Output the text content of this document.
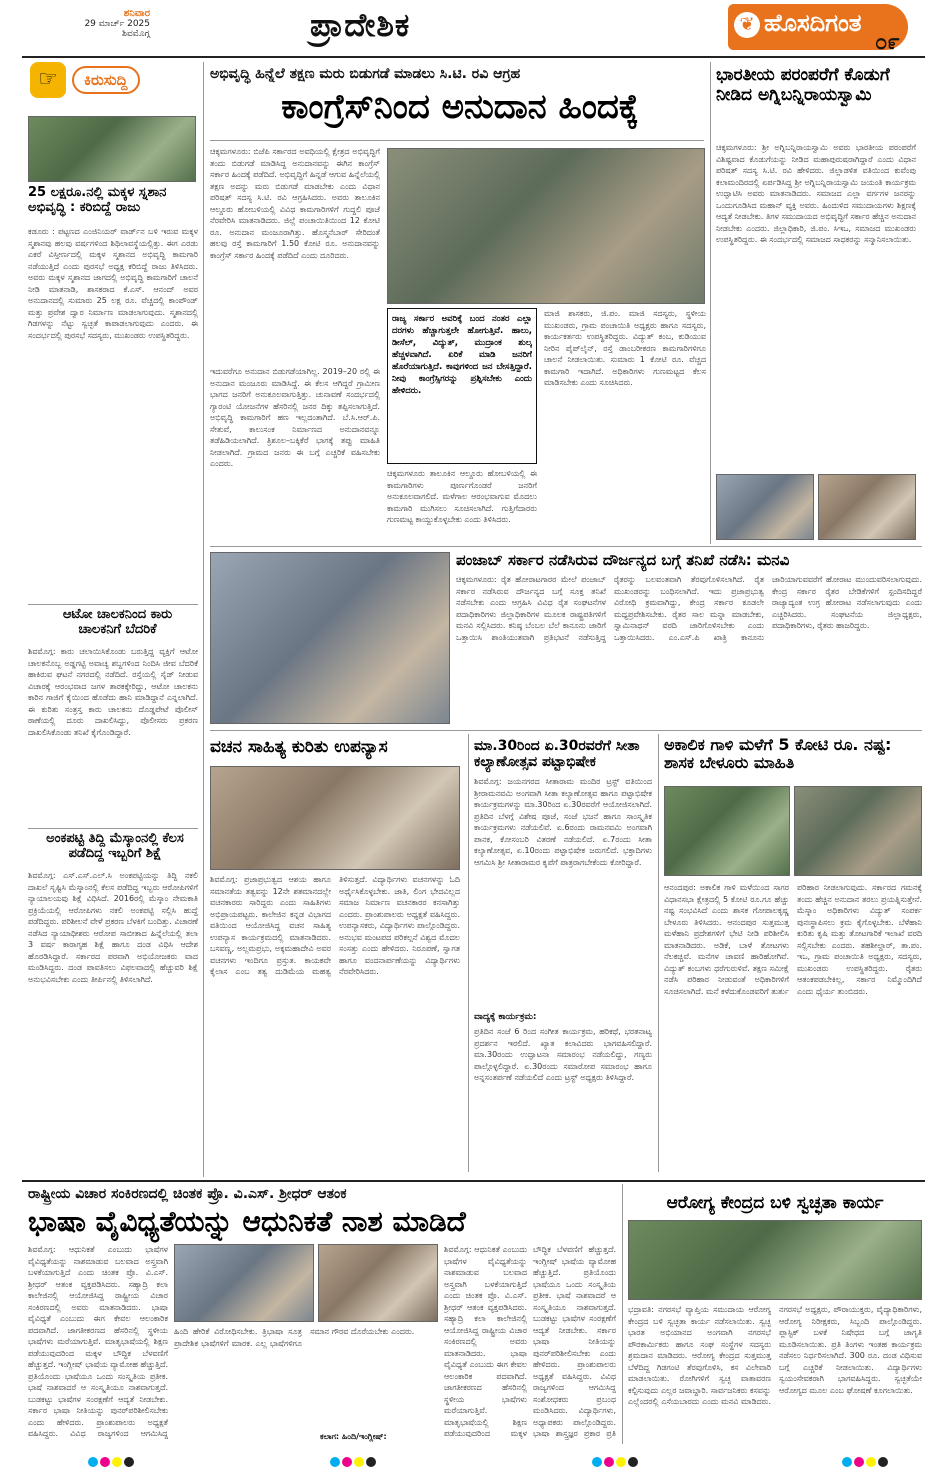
ಶನಿವಾರ
29 ಮಾರ್ಚ್ 2025
ಶಿವಮೊಗ್ಗ	ಪ್ರಾದೇಶಿಕ	❦ ಹೊಸದಿಗಂತ
೦೯
☞	ಕಿರುಸುದ್ದಿ
25 ಲಕ್ಷರೂ.ನಲ್ಲಿ ಮಕ್ಕಳ ಸ್ನಶಾನ ಅಭಿವೃದ್ಧಿ : ಕರಿಬಿದ್ದೆ ರಾಜು
ಕಡೂರು : ಪಟ್ಟಣದ ಎಂಜಿನಿಯರ್ ವಾರ್ಡ್‌ನ ಬಳಿ ಇರುವ ಮಕ್ಕಳ ಸ್ಮಶಾನವು ಹಲವು ವರ್ಷಗಳಿಂದ ಶಿಥಿಲಾವಸ್ಥೆಯಲ್ಲಿತ್ತು. ಈಗ ಎರಡು ಎಕರೆ ವಿಸ್ತೀರ್ಣದಲ್ಲಿ ಮಕ್ಕಳ ಸ್ಮಶಾನದ ಅಭಿವೃದ್ಧಿ ಕಾಮಗಾರಿ ನಡೆಯುತ್ತಿದೆ ಎಂದು ಪುರಸಭೆ ಅಧ್ಯಕ್ಷ ಕರಿಬಿದ್ದೆ ರಾಜು ತಿಳಿಸಿದರು. ಅವರು ಮಕ್ಕಳ ಸ್ಮಶಾನದ ಜಾಗದಲ್ಲಿ ಅಭಿವೃದ್ಧಿ ಕಾಮಗಾರಿಗೆ ಚಾಲನೆ ನೀಡಿ ಮಾತನಾಡಿ, ಶಾಸಕರಾದ ಕೆ.ಎಸ್. ಆನಂದ್ ಅವರ ಅನುದಾನದಲ್ಲಿ ಸುಮಾರು 25 ಲಕ್ಷ ರೂ. ವೆಚ್ಚದಲ್ಲಿ ಕಾಂಪೌಂಡ್ ಮತ್ತು ಪ್ರವೇಶ ದ್ವಾರ ನಿರ್ಮಾಣ ಮಾಡಲಾಗುವುದು. ಸ್ಮಶಾನದಲ್ಲಿ ಗಿಡಗಳನ್ನು ನೆಟ್ಟು ಸ್ವಚ್ಛತೆ ಕಾಪಾಡಲಾಗುವುದು ಎಂದರು. ಈ ಸಂದರ್ಭದಲ್ಲಿ ಪುರಸಭೆ ಸದಸ್ಯರು, ಮುಖಂಡರು ಉಪಸ್ಥಿತರಿದ್ದರು.
ಆಟೋ ಚಾಲಕನಿಂದ ಕಾರು ಚಾಲಕನಿಗೆ ಬೆದರಿಕೆ
ಶಿವಮೊಗ್ಗ: ಕಾರು ಚಲಾಯಿಸಿಕೊಂಡು ಬರುತ್ತಿದ್ದ ವ್ಯಕ್ತಿಗೆ ಆಟೋ ಚಾಲಕನೊಬ್ಬ ಅಡ್ಡಗಟ್ಟಿ ಅವಾಚ್ಯ ಶಬ್ದಗಳಿಂದ ನಿಂದಿಸಿ ಜೀವ ಬೆದರಿಕೆ ಹಾಕಿರುವ ಘಟನೆ ನಗರದಲ್ಲಿ ನಡೆದಿದೆ. ರಸ್ತೆಯಲ್ಲಿ ಸೈಡ್ ನೀಡುವ ವಿಚಾರಕ್ಕೆ ಆರಂಭವಾದ ಜಗಳ ತಾರಕಕ್ಕೇರಿದ್ದು, ಆಟೋ ಚಾಲಕನು ಕಾರಿನ ಗಾಜಿಗೆ ಕೈಯಿಂದ ಹೊಡೆದು ಹಾನಿ ಮಾಡಿದ್ದಾನೆ ಎನ್ನಲಾಗಿದೆ. ಈ ಕುರಿತು ಸಂತ್ರಸ್ತ ಕಾರು ಚಾಲಕನು ದೊಡ್ಡಪೇಟೆ ಪೊಲೀಸ್ ಠಾಣೆಯಲ್ಲಿ ದೂರು ದಾಖಲಿಸಿದ್ದು, ಪೊಲೀಸರು ಪ್ರಕರಣ ದಾಖಲಿಸಿಕೊಂಡು ತನಿಖೆ ಕೈಗೊಂಡಿದ್ದಾರೆ.
ಅಂಕಪಟ್ಟಿ ತಿದ್ದಿ ಮೆಸ್ಕಾಂನಲ್ಲಿ ಕೆಲಸ ಪಡೆದಿದ್ದ ಇಬ್ಬರಿಗೆ ಶಿಕ್ಷೆ
ಶಿವಮೊಗ್ಗ: ಎಸ್.ಎಸ್.ಎಲ್.ಸಿ ಅಂಕಪಟ್ಟಿಯನ್ನು ತಿದ್ದಿ ನಕಲಿ ದಾಖಲೆ ಸೃಷ್ಟಿಸಿ ಮೆಸ್ಕಾಂನಲ್ಲಿ ಕೆಲಸ ಪಡೆದಿದ್ದ ಇಬ್ಬರು ಆರೋಪಿಗಳಿಗೆ ನ್ಯಾಯಾಲಯವು ಶಿಕ್ಷೆ ವಿಧಿಸಿದೆ. 2016ರಲ್ಲಿ ಮೆಸ್ಕಾಂ ನೇಮಕಾತಿ ಪ್ರಕ್ರಿಯೆಯಲ್ಲಿ ಆರೋಪಿಗಳು ನಕಲಿ ಅಂಕಪಟ್ಟಿ ಸಲ್ಲಿಸಿ ಹುದ್ದೆ ಪಡೆದಿದ್ದರು. ಪರಿಶೀಲನೆ ವೇಳೆ ಪ್ರಕರಣ ಬೆಳಕಿಗೆ ಬಂದಿತ್ತು. ವಿಚಾರಣೆ ನಡೆಸಿದ ನ್ಯಾಯಾಧೀಶರು ಆರೋಪ ಸಾಬೀತಾದ ಹಿನ್ನೆಲೆಯಲ್ಲಿ ತಲಾ 3 ವರ್ಷ ಕಾರಾಗೃಹ ಶಿಕ್ಷೆ ಹಾಗೂ ದಂಡ ವಿಧಿಸಿ ಆದೇಶ ಹೊರಡಿಸಿದ್ದಾರೆ. ಸರ್ಕಾರದ ಪರವಾಗಿ ಅಭಿಯೋಜಕರು ವಾದ ಮಂಡಿಸಿದ್ದರು. ದಂಡ ಪಾವತಿಸಲು ವಿಫಲವಾದಲ್ಲಿ ಹೆಚ್ಚುವರಿ ಶಿಕ್ಷೆ ಅನುಭವಿಸಬೇಕು ಎಂದು ತೀರ್ಪಿನಲ್ಲಿ ತಿಳಿಸಲಾಗಿದೆ.
ಅಭಿವೃದ್ಧಿ ಹಿನ್ನೆಲೆ ತಕ್ಷಣ ಮರು ಬಿಡುಗಡೆ ಮಾಡಲು ಸಿ.ಟಿ. ರವಿ ಆಗ್ರಹ
ಕಾಂಗ್ರೆಸ್‌ನಿಂದ ಅನುದಾನ ಹಿಂದಕ್ಕೆ
ಚಿಕ್ಕಮಗಳೂರು: ಬಿಜೆಪಿ ಸರ್ಕಾರದ ಅವಧಿಯಲ್ಲಿ ಕ್ಷೇತ್ರದ ಅಭಿವೃದ್ಧಿಗೆ ತಂದು ಬಿಡುಗಡೆ ಮಾಡಿಸಿದ್ದ ಅನುದಾನವನ್ನು ಈಗಿನ ಕಾಂಗ್ರೆಸ್ ಸರ್ಕಾರ ಹಿಂದಕ್ಕೆ ಪಡೆದಿದೆ. ಅಭಿವೃದ್ಧಿಗೆ ಹಿನ್ನಡೆ ಆಗುವ ಹಿನ್ನೆಲೆಯಲ್ಲಿ ತಕ್ಷಣ ಅದನ್ನು ಮರು ಬಿಡುಗಡೆ ಮಾಡಬೇಕು ಎಂದು ವಿಧಾನ ಪರಿಷತ್ ಸದಸ್ಯ ಸಿ.ಟಿ. ರವಿ ಆಗ್ರಹಿಸಿದರು. ಅವರು ತಾಲೂಕಿನ ಆಲ್ದೂರು ಹೋಬಳಿಯಲ್ಲಿ ವಿವಿಧ ಕಾಮಗಾರಿಗಳಿಗೆ ಗುದ್ದಲಿ ಪೂಜೆ ನೆರವೇರಿಸಿ ಮಾತನಾಡಿದರು. ಜಿಲ್ಲೆ ಪಂಚಾಯಿತಿಯಿಂದ 12 ಕೋಟಿ ರೂ. ಅನುದಾನ ಮಂಜೂರಾಗಿತ್ತು. ಹೊಸ್ಮನೆಬಾರ್ ಸೇರಿದಂತೆ ಹಲವು ರಸ್ತೆ ಕಾಮಗಾರಿಗೆ 1.50 ಕೋಟಿ ರೂ. ಅನುದಾನವನ್ನು ಕಾಂಗ್ರೆಸ್ ಸರ್ಕಾರ ಹಿಂದಕ್ಕೆ ಪಡೆದಿದೆ ಎಂದು ದೂರಿದರು.
ಇದುವರೆಗೂ ಅನುದಾನ ಬಿಡುಗಡೆಯಾಗಿಲ್ಲ. 2019–20 ರಲ್ಲಿ ಈ ಅನುದಾನ ಮಂಜೂರು ಮಾಡಿಸಿದ್ದೆ. ಈ ಕೆಲಸ ಆಗಿದ್ದರೆ ಗ್ರಾಮೀಣ ಭಾಗದ ಜನರಿಗೆ ಅನುಕೂಲವಾಗುತ್ತಿತ್ತು. ಚುನಾವಣೆ ಸಂದರ್ಭದಲ್ಲಿ ಗ್ಯಾರಂಟಿ ಯೋಜನೆಗಳ ಹೆಸರಿನಲ್ಲಿ ಜನರ ದಿಕ್ಕು ತಪ್ಪಿಸಲಾಗುತ್ತಿದೆ. ಅಭಿವೃದ್ಧಿ ಕಾಮಗಾರಿಗೆ ಹಣ ಇಲ್ಲದಂತಾಗಿದೆ. ಬೆ.ಸಿ.ಆರ್.ಪಿ. ಸೇತುವೆ, ಕಾಲುಸಂಕ ನಿರ್ಮಾಣದ ಅನುದಾನವನ್ನೂ ತಡೆಹಿಡಿಯಲಾಗಿದೆ. ತ್ರಿಶೂಲ–ಬಕ್ಕಿಕೆರೆ ಭಾಗಕ್ಕೆ ತಪ್ಪು ಮಾಹಿತಿ ನೀಡಲಾಗಿದೆ. ಗ್ರಾಮದ ಜನರು ಈ ಬಗ್ಗೆ ಎಚ್ಚರಿಕೆ ವಹಿಸಬೇಕು ಎಂದರು.
ರಾಜ್ಯ ಸರ್ಕಾರ ಅವರಿಕ್ಕೆ ಬಂದ ನಂತರ ಎಲ್ಲಾ ದರಗಳು ಹೆಚ್ಚಾಗುತ್ತಲೇ ಹೋಗುತ್ತಿವೆ. ಹಾಲು, ಡೀಸೆಲ್, ವಿದ್ಯುತ್, ಮುದ್ರಾಂಕ ಶುಲ್ಕ ಹೆಚ್ಚಳವಾಗಿದೆ. ಏರಿಕೆ ಮಾಡಿ ಜನರಿಗೆ ಹೊರೆಯಾಗುತ್ತಿದೆ. ಕಾವುಗಳಿಂದ ಜನ ಬೇಸತ್ತಿದ್ದಾರೆ. ನೀವು ಕಾಂಗ್ರೆಸ್ಸಿಗರನ್ನು ಪ್ರಶ್ನಿಸಬೇಕು ಎಂದು ಹೇಳಿದರು.
ಚಿಕ್ಕಮಗಳೂರು ತಾಲೂಕಿನ ಆಲ್ದೂರು ಹೋಬಳಿಯಲ್ಲಿ ಈ ಕಾಮಗಾರಿಗಳು ಪೂರ್ಣಗೊಂಡರೆ ಜನರಿಗೆ ಅನುಕೂಲವಾಗಲಿದೆ. ಮಳೆಗಾಲ ಆರಂಭವಾಗುವ ಮೊದಲು ಕಾಮಗಾರಿ ಮುಗಿಸಲು ಸೂಚಿಸಲಾಗಿದೆ. ಗುತ್ತಿಗೆದಾರರು ಗುಣಮಟ್ಟ ಕಾಯ್ದುಕೊಳ್ಳಬೇಕು ಎಂದು ತಿಳಿಸಿದರು.
ಮಾಜಿ ಶಾಸಕರು, ಜಿ.ಪಂ. ಮಾಜಿ ಸದಸ್ಯರು, ಸ್ಥಳೀಯ ಮುಖಂಡರು, ಗ್ರಾಮ ಪಂಚಾಯಿತಿ ಅಧ್ಯಕ್ಷರು ಹಾಗೂ ಸದಸ್ಯರು, ಕಾರ್ಯಕರ್ತರು ಉಪಸ್ಥಿತರಿದ್ದರು. ವಿದ್ಯುತ್ ಕಂಬ, ಕುಡಿಯುವ ನೀರಿನ ಪೈಪ್‌ಲೈನ್, ರಸ್ತೆ ಡಾಂಬರೀಕರಣ ಕಾಮಗಾರಿಗಳಿಗೂ ಚಾಲನೆ ನೀಡಲಾಯಿತು. ಸುಮಾರು 1 ಕೋಟಿ ರೂ. ವೆಚ್ಚದ ಕಾಮಗಾರಿ ಇದಾಗಿದೆ. ಅಧಿಕಾರಿಗಳು ಗುಣಮಟ್ಟದ ಕೆಲಸ ಮಾಡಿಸಬೇಕು ಎಂದು ಸೂಚಿಸಿದರು.
ಭಾರತೀಯ ಪರಂಪರೆಗೆ ಕೊಡುಗೆ ನೀಡಿದ ಅಗ್ನಿಬನ್ನಿರಾಯಸ್ವಾಮಿ
ಚಿಕ್ಕಮಗಳೂರು: ಶ್ರೀ ಅಗ್ನಿಬನ್ನಿರಾಯಸ್ವಾಮಿ ಅವರು ಭಾರತೀಯ ಪರಂಪರೆಗೆ ವಿಶಿಷ್ಟವಾದ ಕೊಡುಗೆಯನ್ನು ನೀಡಿದ ಮಹಾಪುರುಷರಾಗಿದ್ದಾರೆ ಎಂದು ವಿಧಾನ ಪರಿಷತ್ ಸದಸ್ಯ ಸಿ.ಟಿ. ರವಿ ಹೇಳಿದರು. ಜಿಲ್ಲಾಡಳಿತ ವತಿಯಿಂದ ಕುವೆಂಪು ಕಲಾಮಂದಿರದಲ್ಲಿ ಏರ್ಪಡಿಸಿದ್ದ ಶ್ರೀ ಅಗ್ನಿಬನ್ನಿರಾಯಸ್ವಾಮಿ ಜಯಂತಿ ಕಾರ್ಯಕ್ರಮ ಉದ್ಘಾಟಿಸಿ ಅವರು ಮಾತನಾಡಿದರು. ಸಮಾಜದ ಎಲ್ಲಾ ವರ್ಗಗಳ ಜನರನ್ನು ಒಂದುಗೂಡಿಸಿದ ಮಹಾನ್ ವ್ಯಕ್ತಿ ಅವರು. ಹಿಂದುಳಿದ ಸಮುದಾಯಗಳು ಶಿಕ್ಷಣಕ್ಕೆ ಆದ್ಯತೆ ನೀಡಬೇಕು. ತಿಗಳ ಸಮುದಾಯದ ಅಭಿವೃದ್ಧಿಗೆ ಸರ್ಕಾರ ಹೆಚ್ಚಿನ ಅನುದಾನ ನೀಡಬೇಕು ಎಂದರು. ಜಿಲ್ಲಾಧಿಕಾರಿ, ಜಿ.ಪಂ. ಸಿಇಒ, ಸಮಾಜದ ಮುಖಂಡರು ಉಪಸ್ಥಿತರಿದ್ದರು. ಈ ಸಂದರ್ಭದಲ್ಲಿ ಸಮಾಜದ ಸಾಧಕರನ್ನು ಸನ್ಮಾನಿಸಲಾಯಿತು.
ಪಂಜಾಬ್ ಸರ್ಕಾರ ನಡೆಸಿರುವ ದೌರ್ಜನ್ಯದ ಬಗ್ಗೆ ತನಿಖೆ ನಡೆಸಿ: ಮನವಿ
ಚಿಕ್ಕಮಗಳೂರು: ರೈತ ಹೋರಾಟಗಾರರ ಮೇಲೆ ಪಂಜಾಬ್ ಸರ್ಕಾರ ನಡೆಸಿರುವ ದೌರ್ಜನ್ಯದ ಬಗ್ಗೆ ಸೂಕ್ತ ತನಿಖೆ ನಡೆಸಬೇಕು ಎಂದು ಆಗ್ರಹಿಸಿ ವಿವಿಧ ರೈತ ಸಂಘಟನೆಗಳ ಪದಾಧಿಕಾರಿಗಳು ಜಿಲ್ಲಾಧಿಕಾರಿಗಳ ಮೂಲಕ ರಾಷ್ಟ್ರಪತಿಗಳಿಗೆ ಮನವಿ ಸಲ್ಲಿಸಿದರು. ಕನಿಷ್ಠ ಬೆಂಬಲ ಬೆಲೆ ಕಾನೂನು ಜಾರಿಗೆ ಒತ್ತಾಯಿಸಿ ಶಾಂತಿಯುತವಾಗಿ ಪ್ರತಿಭಟನೆ ನಡೆಸುತ್ತಿದ್ದ ರೈತರನ್ನು ಬಲವಂತವಾಗಿ ತೆರವುಗೊಳಿಸಲಾಗಿದೆ. ರೈತ ಮುಖಂಡರನ್ನು ಬಂಧಿಸಲಾಗಿದೆ. ಇದು ಪ್ರಜಾಪ್ರಭುತ್ವ ವಿರೋಧಿ ಕ್ರಮವಾಗಿದ್ದು, ಕೇಂದ್ರ ಸರ್ಕಾರ ಕೂಡಲೇ ಮಧ್ಯಪ್ರವೇಶಿಸಬೇಕು. ರೈತರ ಸಾಲ ಮನ್ನಾ ಮಾಡಬೇಕು, ಸ್ವಾಮಿನಾಥನ್ ವರದಿ ಜಾರಿಗೊಳಿಸಬೇಕು ಎಂದು ಒತ್ತಾಯಿಸಿದರು. ಎಂ.ಎಸ್.ಪಿ ಖಾತ್ರಿ ಕಾನೂನು ಜಾರಿಯಾಗುವವರೆಗೆ ಹೋರಾಟ ಮುಂದುವರಿಸಲಾಗುವುದು. ಕೇಂದ್ರ ಸರ್ಕಾರ ರೈತರ ಬೇಡಿಕೆಗಳಿಗೆ ಸ್ಪಂದಿಸದಿದ್ದರೆ ರಾಜ್ಯಾದ್ಯಂತ ಉಗ್ರ ಹೋರಾಟ ನಡೆಸಲಾಗುವುದು ಎಂದು ಎಚ್ಚರಿಸಿದರು. ಸಂಘಟನೆಯ ಜಿಲ್ಲಾಧ್ಯಕ್ಷರು, ಪದಾಧಿಕಾರಿಗಳು, ರೈತರು ಹಾಜರಿದ್ದರು.
ವಚನ ಸಾಹಿತ್ಯ ಕುರಿತು ಉಪನ್ಯಾಸ
ಶಿವಮೊಗ್ಗ: ಪ್ರಜಾಪ್ರಭುತ್ವದ ಆಶಯ ಹಾಗೂ ಸಮಾನತೆಯ ತತ್ವವನ್ನು 12ನೇ ಶತಮಾನದಲ್ಲೇ ವಚನಕಾರರು ಸಾರಿದ್ದರು ಎಂದು ಸಾಹಿತಿಗಳು ಅಭಿಪ್ರಾಯಪಟ್ಟರು. ಕಾಲೇಜಿನ ಕನ್ನಡ ವಿಭಾಗದ ವತಿಯಿಂದ ಆಯೋಜಿಸಿದ್ದ ವಚನ ಸಾಹಿತ್ಯ ಉಪನ್ಯಾಸ ಕಾರ್ಯಕ್ರಮದಲ್ಲಿ ಮಾತನಾಡಿದರು. ಬಸವಣ್ಣ, ಅಲ್ಲಮಪ್ರಭು, ಅಕ್ಕಮಹಾದೇವಿ ಅವರ ವಚನಗಳು ಇಂದಿಗೂ ಪ್ರಸ್ತುತ. ಕಾಯಕವೇ ಕೈಲಾಸ ಎಂಬ ತತ್ವ ದುಡಿಮೆಯ ಮಹತ್ವ ತಿಳಿಸುತ್ತದೆ. ವಿದ್ಯಾರ್ಥಿಗಳು ವಚನಗಳನ್ನು ಓದಿ ಅರ್ಥೈಸಿಕೊಳ್ಳಬೇಕು. ಜಾತಿ, ಲಿಂಗ ಭೇದವಿಲ್ಲದ ಸಮಾಜ ನಿರ್ಮಾಣ ವಚನಕಾರರ ಕನಸಾಗಿತ್ತು ಎಂದರು. ಪ್ರಾಂಶುಪಾಲರು ಅಧ್ಯಕ್ಷತೆ ವಹಿಸಿದ್ದರು. ಉಪನ್ಯಾಸಕರು, ವಿದ್ಯಾರ್ಥಿಗಳು ಪಾಲ್ಗೊಂಡಿದ್ದರು. ಅನುಭವ ಮಂಟಪದ ಪರಿಕಲ್ಪನೆ ವಿಶ್ವದ ಮೊದಲ ಸಂಸತ್ತು ಎಂದು ಹೇಳಿದರು. ನಿರೂಪಣೆ, ಸ್ವಾಗತ ಹಾಗೂ ವಂದನಾರ್ಪಣೆಯನ್ನು ವಿದ್ಯಾರ್ಥಿಗಳು ನೆರವೇರಿಸಿದರು.
ಮಾ.30ರಿಂದ ಏ.30ರವರೆಗೆ ಸೀತಾ ಕಲ್ಯಾಣೋತ್ಸವ ಪಟ್ಟಾಭಿಷೇಕ
ಶಿವಮೊಗ್ಗ: ಜಯನಗರದ ಸೀತಾರಾಮ ಮಂದಿರ ಟ್ರಸ್ಟ್ ವತಿಯಿಂದ ಶ್ರೀರಾಮನವಮಿ ಅಂಗವಾಗಿ ಸೀತಾ ಕಲ್ಯಾಣೋತ್ಸವ ಹಾಗೂ ಪಟ್ಟಾಭಿಷೇಕ ಕಾರ್ಯಕ್ರಮಗಳನ್ನು ಮಾ.30ರಿಂದ ಏ.30ರವರೆಗೆ ಆಯೋಜಿಸಲಾಗಿದೆ. ಪ್ರತಿದಿನ ಬೆಳಗ್ಗೆ ವಿಶೇಷ ಪೂಜೆ, ಸಂಜೆ ಭಜನೆ ಹಾಗೂ ಸಾಂಸ್ಕೃತಿಕ ಕಾರ್ಯಕ್ರಮಗಳು ನಡೆಯಲಿವೆ. ಏ.6ರಂದು ರಾಮನವಮಿ ಅಂಗವಾಗಿ ಪಾನಕ, ಕೋಸಂಬರಿ ವಿತರಣೆ ನಡೆಯಲಿದೆ. ಏ.7ರಂದು ಸೀತಾ ಕಲ್ಯಾಣೋತ್ಸವ, ಏ.10ರಂದು ಪಟ್ಟಾಭಿಷೇಕ ಜರುಗಲಿದೆ. ಭಕ್ತಾದಿಗಳು ಆಗಮಿಸಿ ಶ್ರೀ ಸೀತಾರಾಮರ ಕೃಪೆಗೆ ಪಾತ್ರರಾಗಬೇಕೆಂದು ಕೋರಿದ್ದಾರೆ.
ವಾದ್ಯಕ್ಕೆ ಕಾರ್ಯಕ್ರಮ:
ಪ್ರತಿದಿನ ಸಂಜೆ 6 ರಿಂದ ಸಂಗೀತ ಕಾರ್ಯಕ್ರಮ, ಹರಿಕಥೆ, ಭರತನಾಟ್ಯ ಪ್ರದರ್ಶನ ಇರಲಿದೆ. ಖ್ಯಾತ ಕಲಾವಿದರು ಭಾಗವಹಿಸಲಿದ್ದಾರೆ. ಮಾ.30ರಂದು ಉದ್ಘಾಟನಾ ಸಮಾರಂಭ ನಡೆಯಲಿದ್ದು, ಗಣ್ಯರು ಪಾಲ್ಗೊಳ್ಳಲಿದ್ದಾರೆ. ಏ.30ರಂದು ಸಮಾರೋಪ ಸಮಾರಂಭ ಹಾಗೂ ಅನ್ನಸಂತರ್ಪಣೆ ನಡೆಯಲಿದೆ ಎಂದು ಟ್ರಸ್ಟ್ ಅಧ್ಯಕ್ಷರು ತಿಳಿಸಿದ್ದಾರೆ.
ಅಕಾಲಿಕ ಗಾಳಿ ಮಳೆಗೆ 5 ಕೋಟಿ ರೂ. ನಷ್ಟ: ಶಾಸಕ ಬೇಳೂರು ಮಾಹಿತಿ
ಆನಂದಪುರ: ಅಕಾಲಿಕ ಗಾಳಿ ಮಳೆಯಿಂದ ಸಾಗರ ವಿಧಾನಸಭಾ ಕ್ಷೇತ್ರದಲ್ಲಿ 5 ಕೋಟಿ ರೂ.ಗೂ ಹೆಚ್ಚು ನಷ್ಟ ಸಂಭವಿಸಿದೆ ಎಂದು ಶಾಸಕ ಗೋಪಾಲಕೃಷ್ಣ ಬೇಳೂರು ತಿಳಿಸಿದರು. ಆನಂದಪುರ ಸುತ್ತಮುತ್ತ ಮಳೆಹಾನಿ ಪ್ರದೇಶಗಳಿಗೆ ಭೇಟಿ ನೀಡಿ ಪರಿಶೀಲಿಸಿ ಮಾತನಾಡಿದರು. ಅಡಿಕೆ, ಬಾಳೆ ತೋಟಗಳು ನೆಲಕಚ್ಚಿವೆ. ಮನೆಗಳ ಚಾವಣಿ ಹಾರಿಹೋಗಿವೆ. ವಿದ್ಯುತ್ ಕಂಬಗಳು ಧರೆಗುರುಳಿವೆ. ತಕ್ಷಣ ಸಮೀಕ್ಷೆ ನಡೆಸಿ ಪರಿಹಾರ ನೀಡುವಂತೆ ಅಧಿಕಾರಿಗಳಿಗೆ ಸೂಚಿಸಲಾಗಿದೆ. ಮನೆ ಕಳೆದುಕೊಂಡವರಿಗೆ ತುರ್ತು ಪರಿಹಾರ ನೀಡಲಾಗುವುದು. ಸರ್ಕಾರದ ಗಮನಕ್ಕೆ ತಂದು ಹೆಚ್ಚಿನ ಅನುದಾನ ತರಲು ಪ್ರಯತ್ನಿಸುತ್ತೇನೆ. ಮೆಸ್ಕಾಂ ಅಧಿಕಾರಿಗಳು ವಿದ್ಯುತ್ ಸಂಪರ್ಕ ಪುನಃಸ್ಥಾಪಿಸಲು ಕ್ರಮ ಕೈಗೊಳ್ಳಬೇಕು. ಬೆಳೆಹಾನಿ ಕುರಿತು ಕೃಷಿ ಮತ್ತು ತೋಟಗಾರಿಕೆ ಇಲಾಖೆ ವರದಿ ಸಲ್ಲಿಸಬೇಕು ಎಂದರು. ತಹಶೀಲ್ದಾರ್, ತಾ.ಪಂ. ಇಒ, ಗ್ರಾಮ ಪಂಚಾಯಿತಿ ಅಧ್ಯಕ್ಷರು, ಸದಸ್ಯರು, ಮುಖಂಡರು ಉಪಸ್ಥಿತರಿದ್ದರು. ರೈತರು ಆತಂಕಪಡಬೇಕಿಲ್ಲ, ಸರ್ಕಾರ ನಿಮ್ಮೊಂದಿಗಿದೆ ಎಂದು ಧೈರ್ಯ ತುಂಬಿದರು.
ರಾಷ್ಟ್ರೀಯ ವಿಚಾರ ಸಂಕಿರಣದಲ್ಲಿ ಚಿಂತಕ ಪ್ರೊ. ವಿ.ಎಸ್. ಶ್ರೀಧರ್ ಆತಂಕ
ಭಾಷಾ ವೈವಿಧ್ಯತೆಯನ್ನು ಆಧುನಿಕತೆ ನಾಶ ಮಾಡಿದೆ
ಶಿವಮೊಗ್ಗ: ಆಧುನಿಕತೆ ಎಂಬುದು ಭಾಷೆಗಳ ವೈವಿಧ್ಯತೆಯನ್ನು ನಾಶಮಾಡುವ ಬಲವಾದ ಅಸ್ತ್ರವಾಗಿ ಬಳಕೆಯಾಗುತ್ತಿದೆ ಎಂದು ಚಿಂತಕ ಪ್ರೊ. ವಿ.ಎಸ್. ಶ್ರೀಧರ್ ಆತಂಕ ವ್ಯಕ್ತಪಡಿಸಿದರು. ಸಹ್ಯಾದ್ರಿ ಕಲಾ ಕಾಲೇಜಿನಲ್ಲಿ ಆಯೋಜಿಸಿದ್ದ ರಾಷ್ಟ್ರೀಯ ವಿಚಾರ ಸಂಕಿರಣದಲ್ಲಿ ಅವರು ಮಾತನಾಡಿದರು. ಭಾಷಾ ವೈವಿಧ್ಯತೆ ಎಂಬುದು ಈಗ ಕೇವಲ ಆಲಂಕಾರಿಕ ಪದವಾಗಿದೆ. ಜಾಗತೀಕರಣದ ಹೆಸರಿನಲ್ಲಿ ಸ್ಥಳೀಯ ಭಾಷೆಗಳು ಮರೆಯಾಗುತ್ತಿವೆ. ಮಾತೃಭಾಷೆಯಲ್ಲಿ ಶಿಕ್ಷಣ ಪಡೆಯುವುದರಿಂದ ಮಕ್ಕಳ ಬೌದ್ಧಿಕ ಬೆಳವಣಿಗೆ ಹೆಚ್ಚುತ್ತದೆ. ಇಂಗ್ಲೀಷ್ ಭಾಷೆಯ ವ್ಯಾಮೋಹ ಹೆಚ್ಚುತ್ತಿದೆ. ಪ್ರತಿಯೊಂದು ಭಾಷೆಯೂ ಒಂದು ಸಂಸ್ಕೃತಿಯ ಪ್ರತೀಕ. ಭಾಷೆ ನಾಶವಾದರೆ ಆ ಸಂಸ್ಕೃತಿಯೂ ನಾಶವಾಗುತ್ತದೆ. ಬುಡಕಟ್ಟು ಭಾಷೆಗಳ ಸಂರಕ್ಷಣೆಗೆ ಆದ್ಯತೆ ನೀಡಬೇಕು. ಸರ್ಕಾರ ಭಾಷಾ ನೀತಿಯನ್ನು ಪುನರ್‌ಪರಿಶೀಲಿಸಬೇಕು ಎಂದು ಹೇಳಿದರು. ಪ್ರಾಂಶುಪಾಲರು ಅಧ್ಯಕ್ಷತೆ ವಹಿಸಿದ್ದರು. ವಿವಿಧ ರಾಜ್ಯಗಳಿಂದ ಆಗಮಿಸಿದ್ದ
ಹಿಂದಿ ಹೇರಿಕೆ ವಿರೋಧಿಸಬೇಕು. ತ್ರಿಭಾಷಾ ಸೂತ್ರ ಪ್ರಾದೇಶಿಕ ಭಾಷೆಗಳಿಗೆ ಮಾರಕ. ಎಲ್ಲ ಭಾಷೆಗಳಿಗೂ ಸಮಾನ ಗೌರವ ದೊರೆಯಬೇಕು ಎಂದರು.
ಕಲಾಗ: ಹಿಂದಿ/ಇಂಗ್ಲೀಷ್:
ಶಿವಮೊಗ್ಗ: ಆಧುನಿಕತೆ ಎಂಬುದು ಭಾಷೆಗಳ ವೈವಿಧ್ಯತೆಯನ್ನು ನಾಶಮಾಡುವ ಬಲವಾದ ಅಸ್ತ್ರವಾಗಿ ಬಳಕೆಯಾಗುತ್ತಿದೆ ಎಂದು ಚಿಂತಕ ಪ್ರೊ. ವಿ.ಎಸ್. ಶ್ರೀಧರ್ ಆತಂಕ ವ್ಯಕ್ತಪಡಿಸಿದರು. ಸಹ್ಯಾದ್ರಿ ಕಲಾ ಕಾಲೇಜಿನಲ್ಲಿ ಆಯೋಜಿಸಿದ್ದ ರಾಷ್ಟ್ರೀಯ ವಿಚಾರ ಸಂಕಿರಣದಲ್ಲಿ ಅವರು ಮಾತನಾಡಿದರು. ಭಾಷಾ ವೈವಿಧ್ಯತೆ ಎಂಬುದು ಈಗ ಕೇವಲ ಆಲಂಕಾರಿಕ ಪದವಾಗಿದೆ. ಜಾಗತೀಕರಣದ ಹೆಸರಿನಲ್ಲಿ ಸ್ಥಳೀಯ ಭಾಷೆಗಳು ಮರೆಯಾಗುತ್ತಿವೆ. ಮಾತೃಭಾಷೆಯಲ್ಲಿ ಶಿಕ್ಷಣ ಪಡೆಯುವುದರಿಂದ ಮಕ್ಕಳ ಬೌದ್ಧಿಕ ಬೆಳವಣಿಗೆ ಹೆಚ್ಚುತ್ತದೆ. ಇಂಗ್ಲೀಷ್ ಭಾಷೆಯ ವ್ಯಾಮೋಹ ಹೆಚ್ಚುತ್ತಿದೆ. ಪ್ರತಿಯೊಂದು ಭಾಷೆಯೂ ಒಂದು ಸಂಸ್ಕೃತಿಯ ಪ್ರತೀಕ. ಭಾಷೆ ನಾಶವಾದರೆ ಆ ಸಂಸ್ಕೃತಿಯೂ ನಾಶವಾಗುತ್ತದೆ. ಬುಡಕಟ್ಟು ಭಾಷೆಗಳ ಸಂರಕ್ಷಣೆಗೆ ಆದ್ಯತೆ ನೀಡಬೇಕು. ಸರ್ಕಾರ ಭಾಷಾ ನೀತಿಯನ್ನು ಪುನರ್‌ಪರಿಶೀಲಿಸಬೇಕು ಎಂದು ಹೇಳಿದರು. ಪ್ರಾಂಶುಪಾಲರು ಅಧ್ಯಕ್ಷತೆ ವಹಿಸಿದ್ದರು. ವಿವಿಧ ರಾಜ್ಯಗಳಿಂದ ಆಗಮಿಸಿದ್ದ ಸಂಶೋಧಕರು ಪ್ರಬಂಧ ಮಂಡಿಸಿದರು. ವಿದ್ಯಾರ್ಥಿಗಳು, ಅಧ್ಯಾಪಕರು ಪಾಲ್ಗೊಂಡಿದ್ದರು. ಭಾಷಾ ಶಾಸ್ತ್ರಜ್ಞರ ಪ್ರಕಾರ ಪ್ರತಿ
ಆರೋಗ್ಯ ಕೇಂದ್ರದ ಬಳಿ ಸ್ವಚ್ಛತಾ ಕಾರ್ಯ
ಭದ್ರಾವತಿ: ನಗರಸಭೆ ವ್ಯಾಪ್ತಿಯ ಸಮುದಾಯ ಆರೋಗ್ಯ ಕೇಂದ್ರದ ಬಳಿ ಸ್ವಚ್ಛತಾ ಕಾರ್ಯ ನಡೆಸಲಾಯಿತು. ಸ್ವಚ್ಛ ಭಾರತ ಅಭಿಯಾನದ ಅಂಗವಾಗಿ ನಗರಸಭೆ ಪೌರಕಾರ್ಮಿಕರು ಹಾಗೂ ಸಂಘ ಸಂಸ್ಥೆಗಳ ಸದಸ್ಯರು ಶ್ರಮದಾನ ಮಾಡಿದರು. ಆರೋಗ್ಯ ಕೇಂದ್ರದ ಸುತ್ತಮುತ್ತ ಬೆಳೆದಿದ್ದ ಗಿಡಗಂಟಿ ತೆರವುಗೊಳಿಸಿ, ಕಸ ವಿಲೇವಾರಿ ಮಾಡಲಾಯಿತು. ರೋಗಿಗಳಿಗೆ ಸ್ವಚ್ಛ ವಾತಾವರಣ ಕಲ್ಪಿಸುವುದು ಎಲ್ಲರ ಜವಾಬ್ದಾರಿ. ಸಾರ್ವಜನಿಕರು ಕಸವನ್ನು ಎಲ್ಲೆಂದರಲ್ಲಿ ಎಸೆಯಬಾರದು ಎಂದು ಮನವಿ ಮಾಡಿದರು. ನಗರಸಭೆ ಅಧ್ಯಕ್ಷರು, ಪೌರಾಯುಕ್ತರು, ವೈದ್ಯಾಧಿಕಾರಿಗಳು, ಆರೋಗ್ಯ ನಿರೀಕ್ಷಕರು, ಸಿಬ್ಬಂದಿ ಪಾಲ್ಗೊಂಡಿದ್ದರು. ಪ್ಲಾಸ್ಟಿಕ್ ಬಳಕೆ ನಿಷೇಧದ ಬಗ್ಗೆ ಜಾಗೃತಿ ಮೂಡಿಸಲಾಯಿತು. ಪ್ರತಿ ತಿಂಗಳು ಇಂತಹ ಕಾರ್ಯಕ್ರಮ ನಡೆಸಲು ನಿರ್ಧರಿಸಲಾಗಿದೆ. 300 ರೂ. ದಂಡ ವಿಧಿಸುವ ಬಗ್ಗೆ ಎಚ್ಚರಿಕೆ ನೀಡಲಾಯಿತು. ವಿದ್ಯಾರ್ಥಿಗಳು ಸ್ವಯಂಸೇವಕರಾಗಿ ಭಾಗವಹಿಸಿದ್ದರು. ಸ್ವಚ್ಛತೆಯೇ ಆರೋಗ್ಯದ ಮೂಲ ಎಂಬ ಘೋಷಣೆ ಕೂಗಲಾಯಿತು.
